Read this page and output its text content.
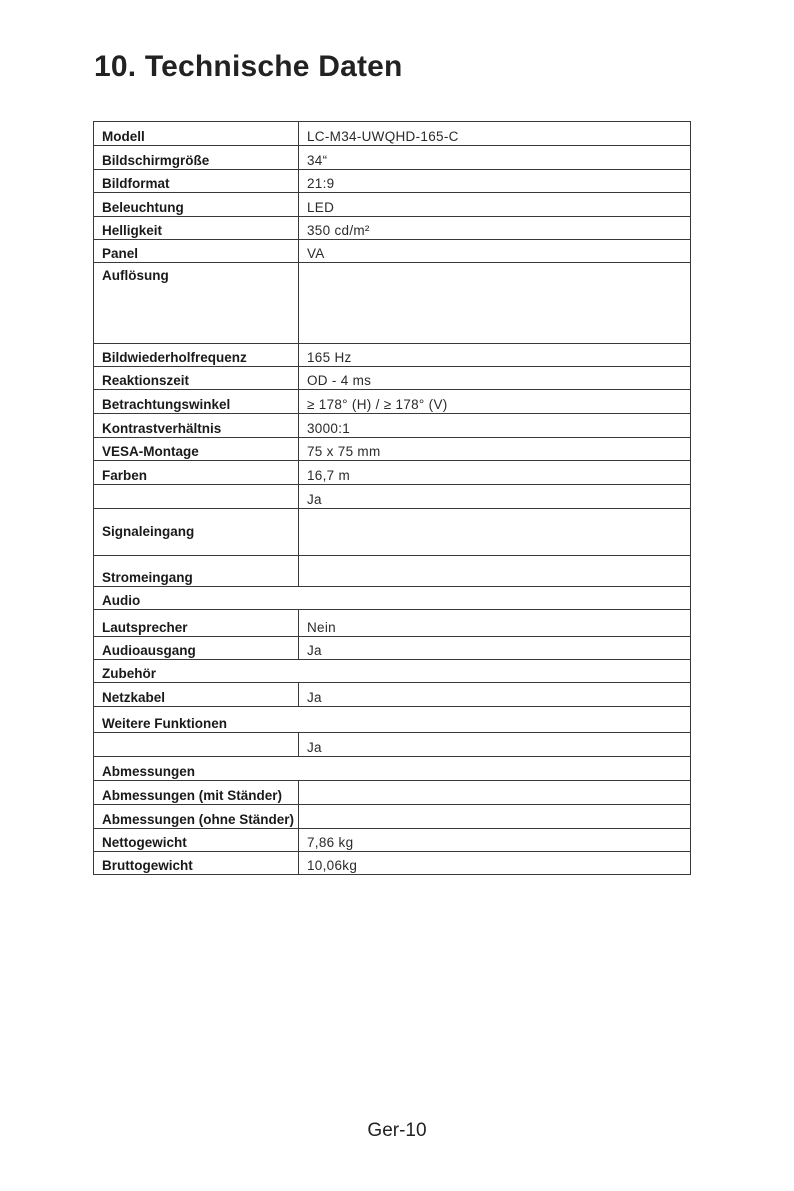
10. Technische Daten
Modell	LC-M34-UWQHD-165-C
Bildschirmgröße	34“
Bildformat	21:9
Beleuchtung	LED
Helligkeit	350 cd/m²
Panel	VA
Auflösung	
Bildwiederholfrequenz	165 Hz
Reaktionszeit	OD - 4 ms
Betrachtungswinkel	≥ 178° (H) / ≥ 178° (V)
Kontrastverhältnis	3000:1
VESA-Montage	75 x 75 mm
Farben	16,7 m
	Ja
Signaleingang	
Stromeingang	
Audio	
Lautsprecher	Nein
Audioausgang	Ja
Zubehör	
Netzkabel	Ja
Weitere Funktionen	
	Ja
Abmessungen	
Abmessungen (mit Ständer)	
Abmessungen (ohne Ständer)	
Nettogewicht	7,86 kg
Bruttogewicht	10,06kg
Ger-10
